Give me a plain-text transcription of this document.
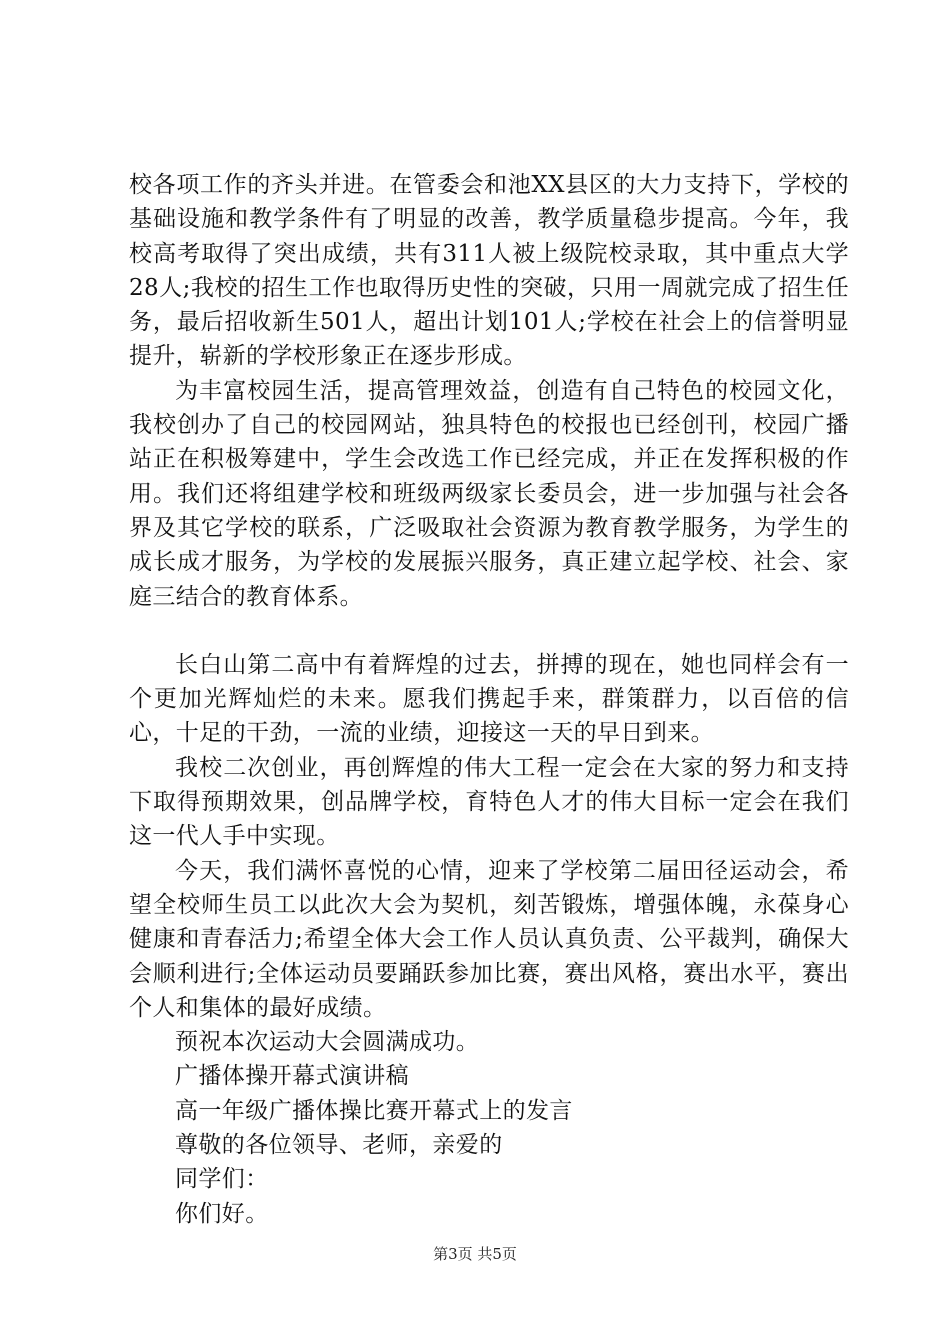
校各项工作的齐头并进。在管委会和池XX县区的大力支持下，学校的基础设施和教学条件有了明显的改善，教学质量稳步提高。今年，我校高考取得了突出成绩，共有311人被上级院校录取，其中重点大学28人;我校的招生工作也取得历史性的突破，只用一周就完成了招生任务，最后招收新生501人，超出计划101人;学校在社会上的信誉明显提升，崭新的学校形象正在逐步形成。

为丰富校园生活，提高管理效益，创造有自己特色的校园文化，我校创办了自己的校园网站，独具特色的校报也已经创刊，校园广播站正在积极筹建中，学生会改选工作已经完成，并正在发挥积极的作用。我们还将组建学校和班级两级家长委员会，进一步加强与社会各界及其它学校的联系，广泛吸取社会资源为教育教学服务，为学生的成长成才服务，为学校的发展振兴服务，真正建立起学校、社会、家庭三结合的教育体系。

长白山第二高中有着辉煌的过去，拼搏的现在，她也同样会有一个更加光辉灿烂的未来。愿我们携起手来，群策群力，以百倍的信心，十足的干劲，一流的业绩，迎接这一天的早日到来。

我校二次创业，再创辉煌的伟大工程一定会在大家的努力和支持下取得预期效果，创品牌学校，育特色人才的伟大目标一定会在我们这一代人手中实现。

今天，我们满怀喜悦的心情，迎来了学校第二届田径运动会，希望全校师生员工以此次大会为契机，刻苦锻炼，增强体魄，永葆身心健康和青春活力;希望全体大会工作人员认真负责、公平裁判，确保大会顺利进行;全体运动员要踊跃参加比赛，赛出风格，赛出水平，赛出个人和集体的最好成绩。

预祝本次运动大会圆满成功。

广播体操开幕式演讲稿

高一年级广播体操比赛开幕式上的发言

尊敬的各位领导、老师，亲爱的

同学们：

你们好。

第3页 共5页
